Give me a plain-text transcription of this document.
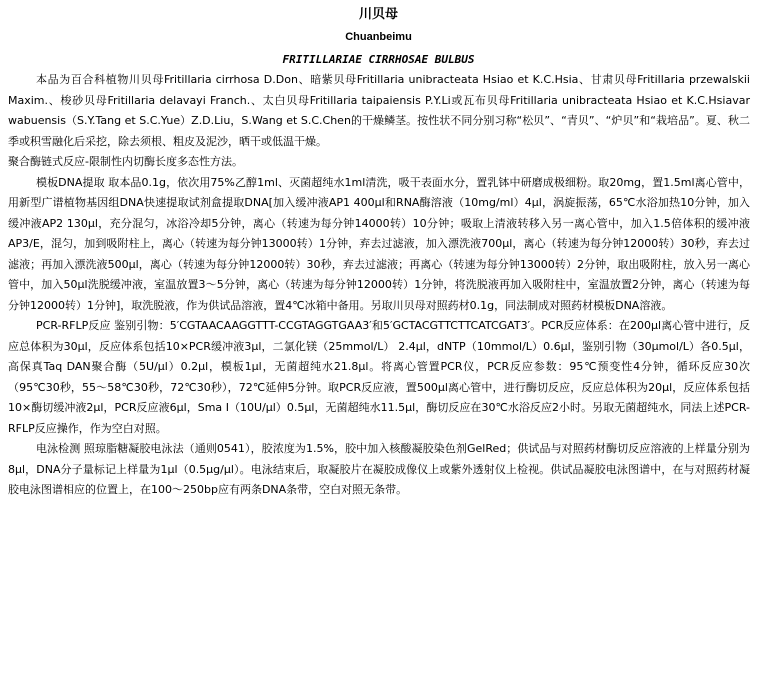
川贝母
Chuanbeimu
FRITILLARIAE CIRRHOSAE BULBUS

本品为百合科植物川贝母Fritillaria cirrhosa D.Don、暗紫贝母Fritillaria unibracteata Hsiao et K.C.Hsia、甘肃贝母Fritillaria przewalskii Maxim.、梭砂贝母Fritillaria delavayi Franch.、太白贝母Fritillaria taipaiensis P.Y.Li或瓦布贝母Fritillaria unibracteata Hsiao et K.C.Hsiavar wabuensis（S.Y.Tang et S.C.Yue）Z.D.Liu，S.Wang et S.C.Chen的干燥鳞茎。按性状不同分别习称“松贝”、“青贝”、“炉贝”和“栽培品”。夏、秋二季或积雪融化后采挖，除去须根、粗皮及泥沙，晒干或低温干燥。

聚合酶链式反应-限制性内切酶长度多态性方法。

模板DNA提取 取本品0.1g，依次用75%乙醇1ml、灭菌超纯水1ml清洗，吸干表面水分，置乳钵中研磨成极细粉。取20mg，置1.5ml离心管中，用新型广谱植物基因组DNA快速提取试剂盒提取DNA[加入缓冲液AP1 400μl和RNA酶溶液（10mg/ml）4μl，涡旋振荡，65℃水浴加热10分钟，加入缓冲液AP2 130μl，充分混匀，冰浴冷却5分钟，离心（转速为每分钟14000转）10分钟；吸取上清液转移入另一离心管中，加入1.5倍体积的缓冲液AP3/E，混匀，加到吸附柱上，离心（转速为每分钟13000转）1分钟，弃去过滤液，加入漂洗液700μl，离心（转速为每分钟12000转）30秒，弃去过滤液；再加入漂洗液500μl，离心（转速为每分钟12000转）30秒，弃去过滤液；再离心（转速为每分钟13000转）2分钟，取出吸附柱，放入另一离心管中，加入50μl洗脱缓冲液，室温放置3～5分钟，离心（转速为每分钟12000转）1分钟，将洗脱液再加入吸附柱中，室温放置2分钟，离心（转速为每分钟12000转）1分钟]，取洗脱液，作为供试品溶液，置4℃冰箱中备用。另取川贝母对照药材0.1g，同法制成对照药材模板DNA溶液。

PCR-RFLP反应 鉴别引物：5′CGTAACAAGGTTT-CCGTAGGTGAA3′和5′GCTACGTTCTTCATCGAT3′。PCR反应体系：在200μl离心管中进行，反应总体积为30μl，反应体系包括10×PCR缓冲液3μl，二氯化镁（25mmol/L） 2.4μl，dNTP（10mmol/L）0.6μl，鉴别引物（30μmol/L）各0.5μl，高保真Taq DAN聚合酶（5U/μl）0.2μl，模板1μl，无菌超纯水21.8μl。将离心管置PCR仪，PCR反应参数：95℃预变性4分钟，循环反应30次（95℃30秒，55～58℃30秒，72℃30秒），72℃延伸5分钟。取PCR反应液，置500μl离心管中，进行酶切反应，反应总体积为20μl，反应体系包括10×酶切缓冲液2μl，PCR反应液6μl，Sma I（10U/μl）0.5μl，无菌超纯水11.5μl，酶切反应在30℃水浴反应2小时。另取无菌超纯水，同法上述PCR-RFLP反应操作，作为空白对照。

电泳检测 照琼脂糖凝胶电泳法（通则0541），胶浓度为1.5%，胶中加入核酸凝胶染色剂GelRed；供试品与对照药材酶切反应溶液的上样量分别为8μl，DNA分子量标记上样量为1μl（0.5μg/μl）。电泳结束后，取凝胶片在凝胶成像仪上或紫外透射仪上检视。供试品凝胶电泳图谱中，在与对照药材凝胶电泳图谱相应的位置上，在100～250bp应有两条DNA条带，空白对照无条带。
